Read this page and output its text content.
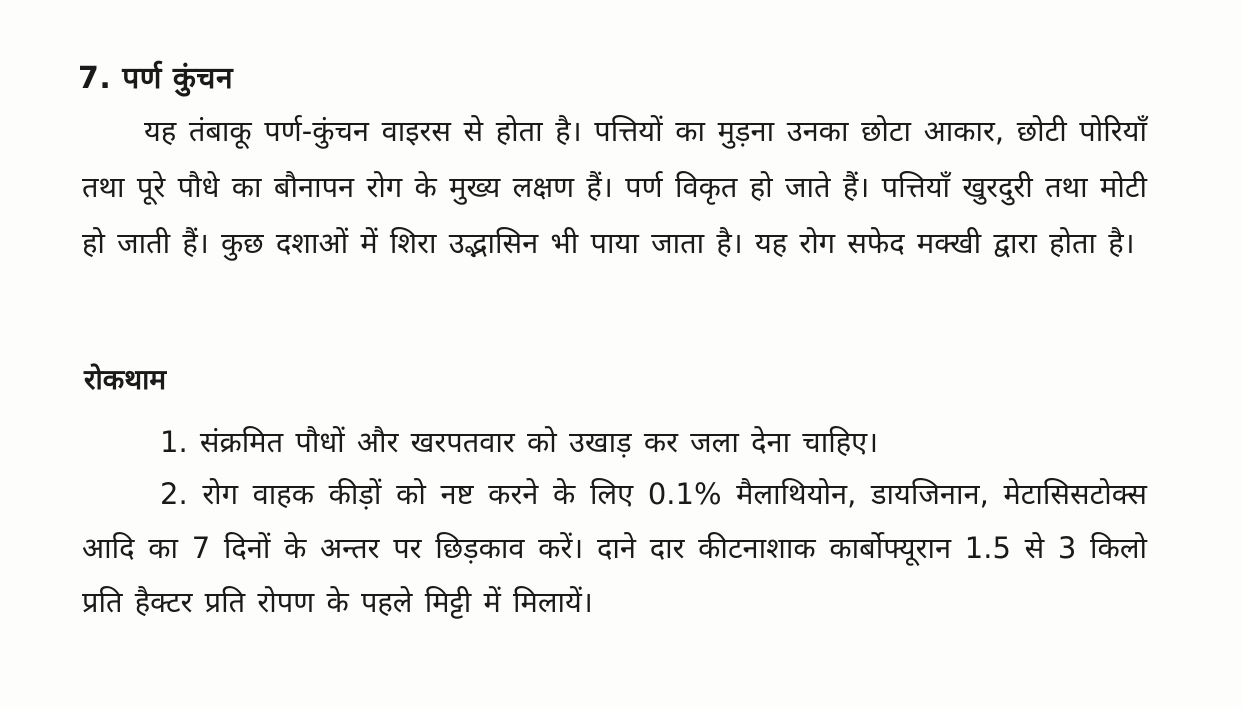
7. पर्ण कुंचन
यह तंबाकू पर्ण-कुंचन वाइरस से होता है। पत्तियों का मुड़ना उनका छोटा आकार, छोटी पोरियाँ तथा पूरे पौधे का बौनापन रोग के मुख्य लक्षण हैं। पर्ण विकृत हो जाते हैं। पत्तियाँ खुरदुरी तथा मोटी हो जाती हैं। कुछ दशाओं में शिरा उद्भासिन भी पाया जाता है। यह रोग सफेद मक्खी द्वारा होता है।
रोकथाम
1. संक्रमित पौधों और खरपतवार को उखाड़ कर जला देना चाहिए।
2. रोग वाहक कीड़ों को नष्ट करने के लिए 0.1% मैलाथियोन, डायजिनान, मेटासिसटोक्स आदि का 7 दिनों के अन्तर पर छिड़काव करें। दाने दार कीटनाशाक कार्बोफ्यूरान 1.5 से 3 किलो प्रति हैक्टर प्रति रोपण के पहले मिट्टी में मिलायें।
